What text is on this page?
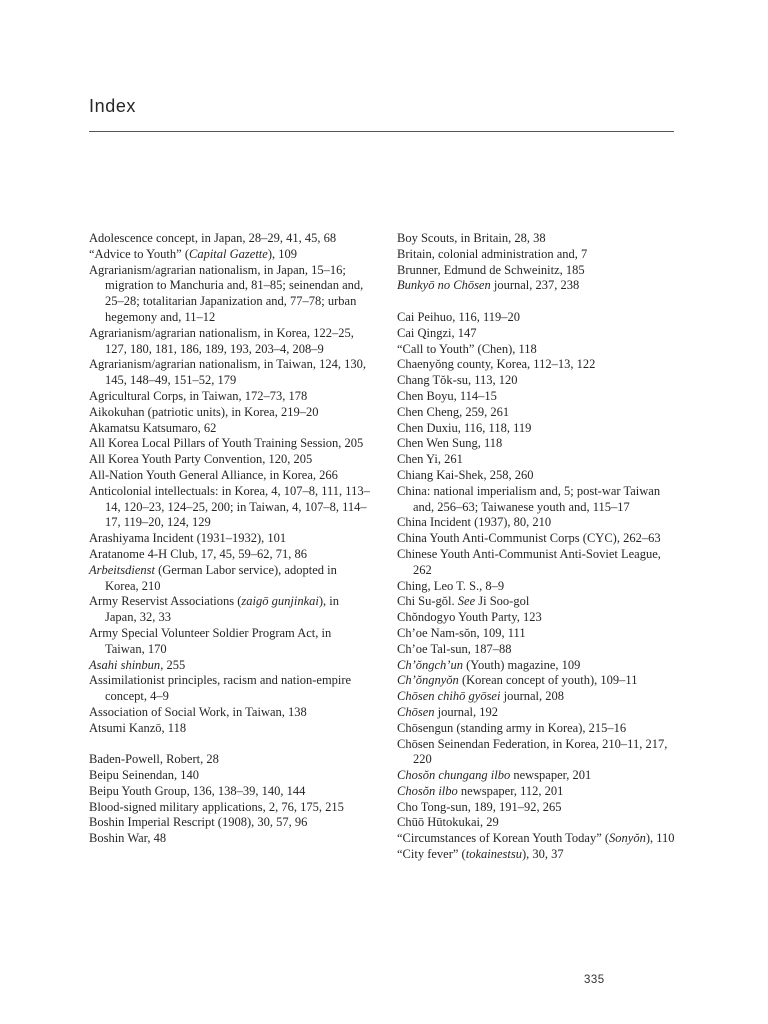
Index

Adolescence concept, in Japan, 28–29, 41, 45, 68

“Advice to Youth” (Capital Gazette), 109

Agrarianism/agrarian nationalism, in Japan, 15–16; migration to Manchuria and, 81–85; seinendan and, 25–28; totalitarian Japanization and, 77–78; urban hegemony and, 11–12

Agrarianism/agrarian nationalism, in Korea, 122–25, 127, 180, 181, 186, 189, 193, 203–4, 208–9

Agrarianism/agrarian nationalism, in Taiwan, 124, 130, 145, 148–49, 151–52, 179

Agricultural Corps, in Taiwan, 172–73, 178

Aikokuhan (patriotic units), in Korea, 219–20

Akamatsu Katsumaro, 62

All Korea Local Pillars of Youth Training Session, 205

All Korea Youth Party Convention, 120, 205

All-Nation Youth General Alliance, in Korea, 266

Anticolonial intellectuals: in Korea, 4, 107–8, 111, 113–14, 120–23, 124–25, 200; in Taiwan, 4, 107–8, 114–17, 119–20, 124, 129

Arashiyama Incident (1931–1932), 101

Aratanome 4-H Club, 17, 45, 59–62, 71, 86

Arbeitsdienst (German Labor service), adopted in Korea, 210

Army Reservist Associations (zaigō gunjinkai), in Japan, 32, 33

Army Special Volunteer Soldier Program Act, in Taiwan, 170

Asahi shinbun, 255

Assimilationist principles, racism and nation-empire concept, 4–9

Association of Social Work, in Taiwan, 138

Atsumi Kanzō, 118

Baden-Powell, Robert, 28

Beipu Seinendan, 140

Beipu Youth Group, 136, 138–39, 140, 144

Blood-signed military applications, 2, 76, 175, 215

Boshin Imperial Rescript (1908), 30, 57, 96

Boshin War, 48

Boy Scouts, in Britain, 28, 38

Britain, colonial administration and, 7

Brunner, Edmund de Schweinitz, 185

Bunkyō no Chōsen journal, 237, 238

Cai Peihuo, 116, 119–20

Cai Qingzi, 147

“Call to Youth” (Chen), 118

Chaenyŏng county, Korea, 112–13, 122

Chang Tŏk-su, 113, 120

Chen Boyu, 114–15

Chen Cheng, 259, 261

Chen Duxiu, 116, 118, 119

Chen Wen Sung, 118

Chen Yi, 261

Chiang Kai-Shek, 258, 260

China: national imperialism and, 5; post-war Taiwan and, 256–63; Taiwanese youth and, 115–17

China Incident (1937), 80, 210

China Youth Anti-Communist Corps (CYC), 262–63

Chinese Youth Anti-Communist Anti-Soviet League, 262

Ching, Leo T. S., 8–9

Chi Su-gŏl. See Ji Soo-gol

Chŏndogyo Youth Party, 123

Ch’oe Nam-sŏn, 109, 111

Ch’oe Tal-sun, 187–88

Ch’ŏngch’un (Youth) magazine, 109

Ch’ŏngnyŏn (Korean concept of youth), 109–11

Chōsen chihō gyōsei journal, 208

Chōsen journal, 192

Chōsengun (standing army in Korea), 215–16

Chōsen Seinendan Federation, in Korea, 210–11, 217, 220

Chosŏn chungang ilbo newspaper, 201

Chosŏn ilbo newspaper, 112, 201

Cho Tong-sun, 189, 191–92, 265

Chūō Hūtokukai, 29

“Circumstances of Korean Youth Today” (Sonyŏn), 110

“City fever” (tokainestsu), 30, 37

335
